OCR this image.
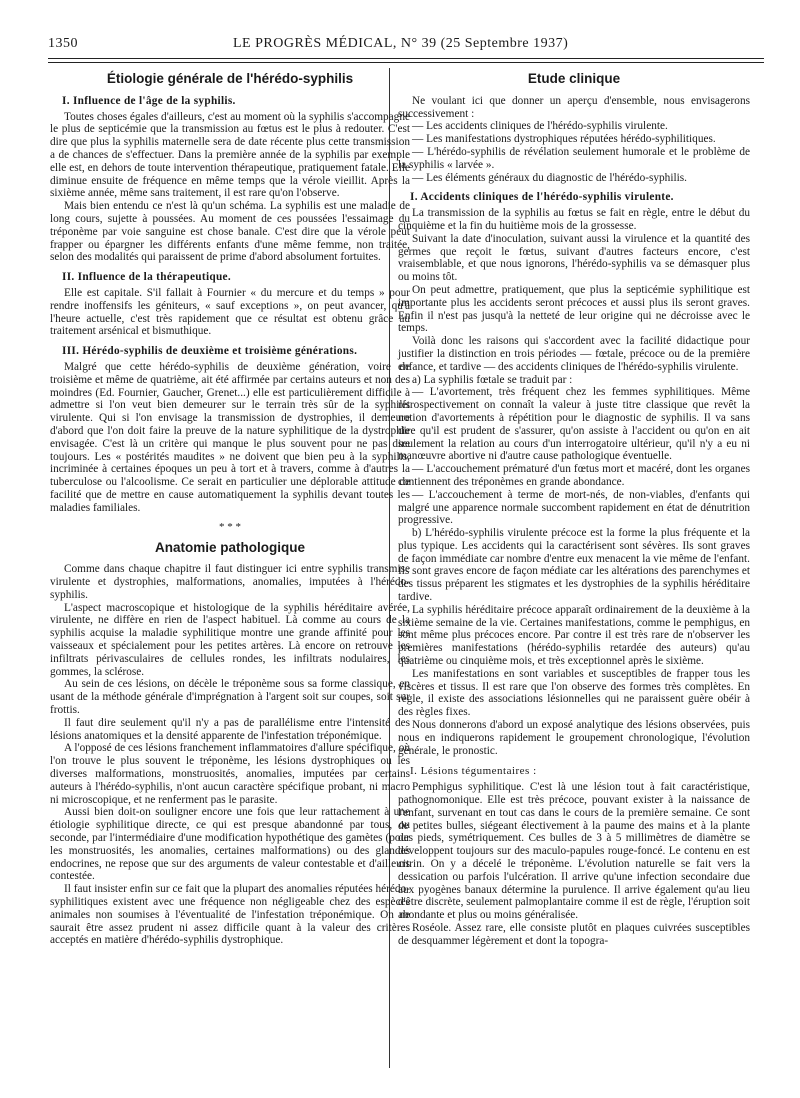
1350	LE PROGRÈS MÉDICAL, N° 39 (25 Septembre 1937)
Étiologie générale de l'hérédo-syphilis
I. Influence de l'âge de la syphilis.

Toutes choses égales d'ailleurs, c'est au moment où la syphilis s'accompagne le plus de septicémie que la transmission au fœtus est le plus à redouter. C'est dire que plus la syphilis maternelle sera de date récente plus cette transmission a de chances de s'effectuer. Dans la première année de la syphilis par exemple elle est, en dehors de toute intervention thérapeutique, pratiquement fatale. Elle diminue ensuite de fréquence en même temps que la vérole vieillit. Après la sixième année, même sans traitement, il est rare qu'on l'observe.

Mais bien entendu ce n'est là qu'un schéma. La syphilis est une maladie de long cours, sujette à poussées. Au moment de ces poussées l'essaimage du tréponème par voie sanguine est chose banale. C'est dire que la vérole peut frapper ou épargner les différents enfants d'une même femme, non traitée, selon des modalités qui paraissent de prime d'abord absolument fortuites.

II. Influence de la thérapeutique.

Elle est capitale. S'il fallait à Fournier « du mercure et du temps » pour rendre inoffensifs les géniteurs, « sauf exceptions », on peut avancer, qu'à l'heure actuelle, c'est très rapidement que ce résultat est obtenu grâce au traitement arsénical et bismuthique.

III. Hérédo-syphilis de deuxième et troisième générations.

Malgré que cette hérédo-syphilis de deuxième génération, voire de troisième et même de quatrième, ait été affirmée par certains auteurs et non des moindres (Ed. Fournier, Gaucher, Grenet...) elle est particulièrement difficile à admettre si l'on veut bien demeurer sur le terrain très sûr de la syphilis virulente. Qui si l'on envisage la transmission de dystrophies, il demeure d'abord que l'on doit faire la preuve de la nature syphilitique de la dystrophie envisagée. C'est là un critère qui manque le plus souvent pour ne pas dire toujours. Les « postérités maudites » ne doivent que bien peu à la syphilis, incriminée à certaines époques un peu à tort et à travers, comme à d'autres la tuberculose ou l'alcoolisme. Ce serait en particulier une déplorable attitude de facilité que de mettre en cause automatiquement la syphilis devant toutes les maladies familiales.

* * *
Anatomie pathologique

Comme dans chaque chapitre il faut distinguer ici entre syphilis transmise virulente et dystrophies, malformations, anomalies, imputées à l'hérédo-syphilis.

L'aspect macroscopique et histologique de la syphilis héréditaire avérée, virulente, ne diffère en rien de l'aspect habituel. Là comme au cours de la syphilis acquise la maladie syphilitique montre une grande affinité pour les vaisseaux et spécialement pour les petites artères. Là encore on retrouve les infiltrats périvasculaires de cellules rondes, les infiltrats nodulaires, les gommes, la sclérose.

Au sein de ces lésions, on décèle le tréponème sous sa forme classique, en usant de la méthode générale d'imprégnation à l'argent soit sur coupes, soit sur frottis.

Il faut dire seulement qu'il n'y a pas de parallélisme entre l'intensité des lésions anatomiques et la densité apparente de l'infestation tréponémique.

A l'opposé de ces lésions franchement inflammatoires d'allure spécifique, où l'on trouve le plus souvent le tréponème, les lésions dystrophiques ou les diverses malformations, monstruosités, anomalies, imputées par certains auteurs à l'hérédo-syphilis, n'ont aucun caractère spécifique probant, ni macro ni microscopique, et ne renferment pas le parasite.

Aussi bien doit-on souligner encore une fois que leur rattachement à une étiologie syphilitique directe, ce qui est presque abandonné par tous, ou seconde, par l'intermédiaire d'une modification hypothétique des gamètes (pour les monstruosités, les anomalies, certaines malformations) ou des glandes endocrines, ne repose que sur des arguments de valeur contestable et d'ailleurs contestée.

Il faut insister enfin sur ce fait que la plupart des anomalies réputées hérédo-syphilitiques existent avec une fréquence non négligeable chez des espèces animales non soumises à l'éventualité de l'infestation tréponémique. On ne saurait être assez prudent ni assez difficile quant à la valeur des critères acceptés en matière d'hérédo-syphilis dystrophique.

Etude clinique

Ne voulant ici que donner un aperçu d'ensemble, nous envisagerons successivement :

— Les accidents cliniques de l'hérédo-syphilis virulente.

— Les manifestations dystrophiques réputées hérédo-syphilitiques.

— L'hérédo-syphilis de révélation seulement humorale et le problème de la syphilis « larvée ».

— Les éléments généraux du diagnostic de l'hérédo-syphilis.

I. Accidents cliniques de l'hérédo-syphilis virulente.

La transmission de la syphilis au fœtus se fait en règle, entre le début du cinquième et la fin du huitième mois de la grossesse.

Suivant la date d'inoculation, suivant aussi la virulence et la quantité des germes que reçoit le fœtus, suivant d'autres facteurs encore, c'est vraisemblable, et que nous ignorons, l'hérédo-syphilis va se démasquer plus ou moins tôt.

On peut admettre, pratiquement, que plus la septicémie syphilitique est importante plus les accidents seront précoces et aussi plus ils seront graves. Enfin il n'est pas jusqu'à la netteté de leur origine qui ne décroisse avec le temps.

Voilà donc les raisons qui s'accordent avec la facilité didactique pour justifier la distinction en trois périodes — fœtale, précoce ou de la première enfance, et tardive — des accidents cliniques de l'hérédo-syphilis virulente.

a) La syphilis fœtale se traduit par :

— L'avortement, très fréquent chez les femmes syphilitiques. Même rétrospectivement on connaît la valeur à juste titre classique que revêt la notion d'avortements à répétition pour le diagnostic de syphilis. Il va sans dire qu'il est prudent de s'assurer, qu'on assiste à l'accident ou qu'on en ait seulement la relation au cours d'un interrogatoire ultérieur, qu'il n'y a eu ni manœuvre abortive ni d'autre cause pathologique éventuelle.

— L'accouchement prématuré d'un fœtus mort et macéré, dont les organes contiennent des tréponèmes en grande abondance.

— L'accouchement à terme de mort-nés, de non-viables, d'enfants qui malgré une apparence normale succombent rapidement en état de dénutrition progressive.

b) L'hérédo-syphilis virulente précoce est la forme la plus fréquente et la plus typique. Les accidents qui la caractérisent sont sévères. Ils sont graves de façon immédiate car nombre d'entre eux menacent la vie même de l'enfant. Ils sont graves encore de façon médiate car les altérations des parenchymes et des tissus préparent les stigmates et les dystrophies de la syphilis héréditaire tardive.

La syphilis héréditaire précoce apparaît ordinairement de la deuxième à la sixième semaine de la vie. Certaines manifestations, comme le pemphigus, en sont même plus précoces encore. Par contre il est très rare de n'observer les premières manifestations (hérédo-syphilis retardée des auteurs) qu'au quatrième ou cinquième mois, et très exceptionnel après le sixième.

Les manifestations en sont variables et susceptibles de frapper tous les viscères et tissus. Il est rare que l'on observe des formes très complètes. En règle, il existe des associations lésionnelles qui ne paraissent guère obéir à des règles fixes.

Nous donnerons d'abord un exposé analytique des lésions observées, puis nous en indiquerons rapidement le groupement chronologique, l'évolution générale, le pronostic.

I. Lésions tégumentaires :

Pemphigus syphilitique. C'est là une lésion tout à fait caractéristique, pathognomonique. Elle est très précoce, pouvant exister à la naissance de l'enfant, survenant en tout cas dans le cours de la première semaine. Ce sont de petites bulles, siégeant électivement à la paume des mains et à la plante des pieds, symétriquement. Ces bulles de 3 à 5 millimètres de diamètre se développent toujours sur des maculo-papules rouge-foncé. Le contenu en est citrin. On y a décelé le tréponème. L'évolution naturelle se fait vers la dessication ou parfois l'ulcération. Il arrive qu'une infection secondaire due aux pyogènes banaux détermine la purulence. Il arrive également qu'au lieu d'être discrète, seulement palmoplantaire comme il est de règle, l'éruption soit abondante et plus ou moins généralisée.

Roséole. Assez rare, elle consiste plutôt en plaques cuivrées susceptibles de desquammer légèrement et dont la topogra-
